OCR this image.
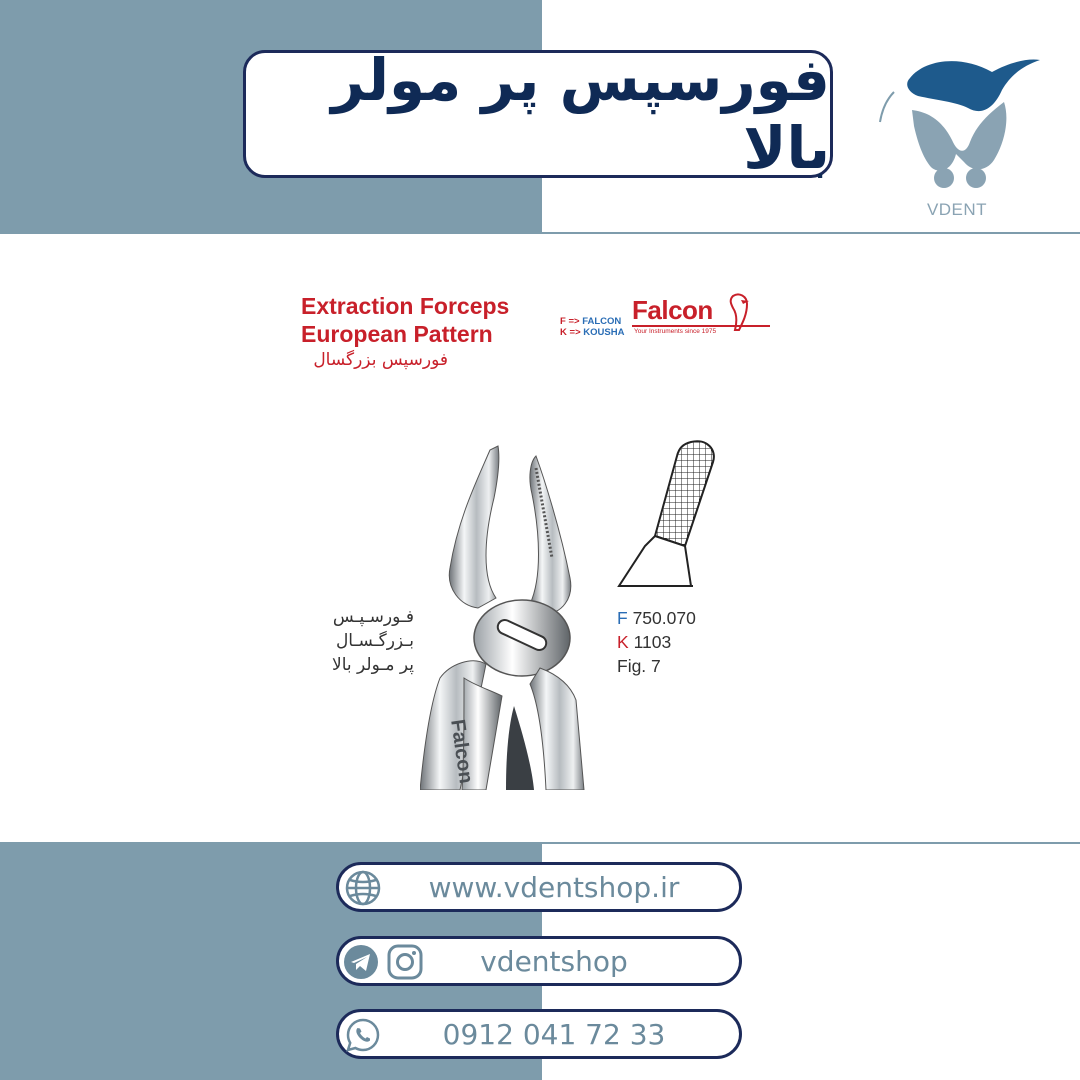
فورسپس پر مولر بالا
VDENT
Extraction Forceps
European Pattern
فورسپس بزرگسال
F => FALCON
K => KOUSHA
Falcon
Your Instruments since 1975
Falcon
فـورسـپـس
بـزرگـسـال
پر مـولر بالا
F 750.070
K 1103
Fig. 7
www.vdentshop.ir
vdentshop
0912 041 72 33
